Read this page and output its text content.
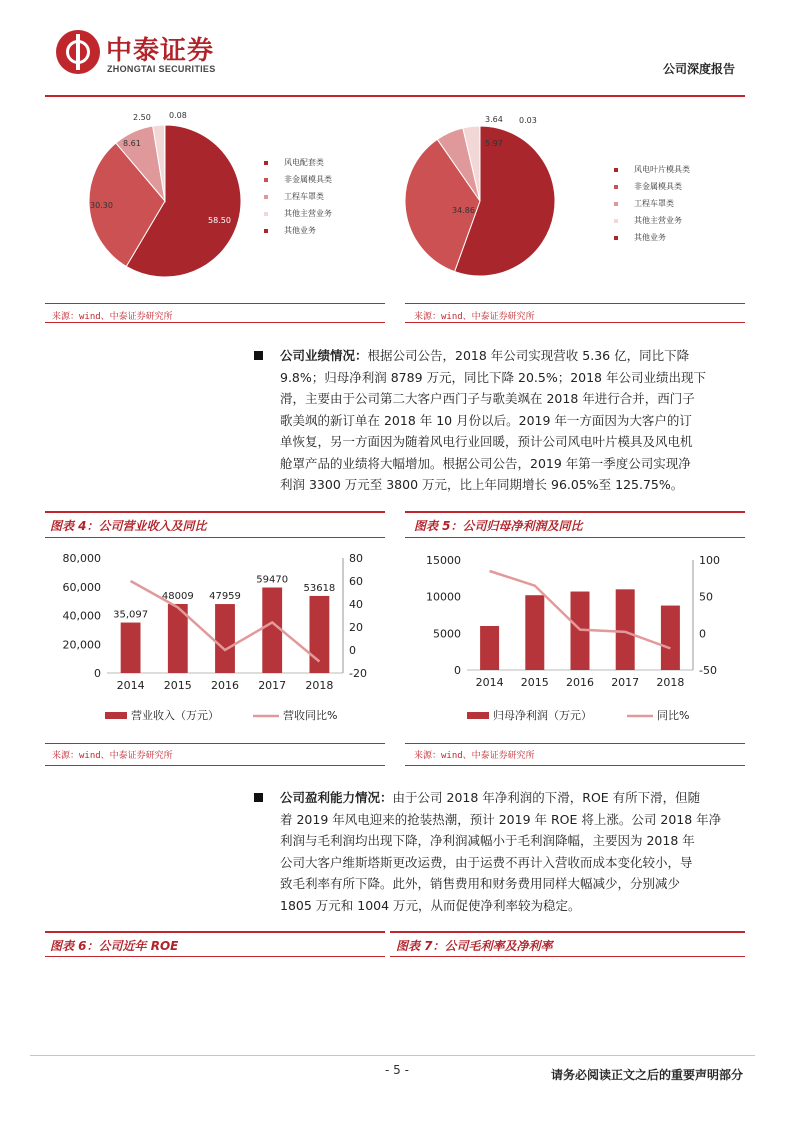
中泰证券
ZHONGTAI SECURITIES	公司深度报告
58.50
30.30
8.61
2.50 0.08
风电配套类
非金属模具类
工程车罩类
其他主营业务
其他业务
来源：wind、中泰证券研究所
55.50
34.86
5.97
3.64 0.03
风电叶片模具类
非金属模具类
工程车罩类
其他主营业务
其他业务
来源：wind、中泰证券研究所
公司业绩情况：根据公司公告，2018 年公司实现营收 5.36 亿，同比下降
9.8%；归母净利润 8789 万元，同比下降 20.5%；2018 年公司业绩出现下
滑，主要由于公司第二大客户西门子与歌美飒在 2018 年进行合并，西门子
歌美飒的新订单在 2018 年 10 月份以后。2019 年一方面因为大客户的订
单恢复，另一方面因为随着风电行业回暖，预计公司风电叶片模具及风电机
舱罩产品的业绩将大幅增加。根据公司公告，2019 年第一季度公司实现净
利润 3300 万元至 3800 万元，比上年同期增长 96.05%至 125.75%。
图表 4：公司营业收入及同比
80,000
60,000
40,000
20,000
0
80
60
40
20
0
-20
2014
35,097
2015
48009
2016
47959
2017
59470
2018
53618
营业收入（万元）	营收同比%
来源：wind、中泰证券研究所
图表 5：公司归母净利润及同比
15000
10000
5000
0
100
50
0
-50
2014 2015 2016 2017 2018
归母净利润（万元）	同比%
来源：wind、中泰证券研究所
公司盈利能力情况：由于公司 2018 年净利润的下滑，ROE 有所下滑，但随
着 2019 年风电迎来的抢装热潮，预计 2019 年 ROE 将上涨。公司 2018 年净
利润与毛利润均出现下降，净利润减幅小于毛利润降幅，主要因为 2018 年
公司大客户维斯塔斯更改运费，由于运费不再计入营收而成本变化较小，导
致毛利率有所下降。此外，销售费用和财务费用同样大幅减少，分别减少
1805 万元和 1004 万元，从而促使净利率较为稳定。
图表 6：公司近年 ROE	图表 7：公司毛利率及净利率
- 5 -	请务必阅读正文之后的重要声明部分
